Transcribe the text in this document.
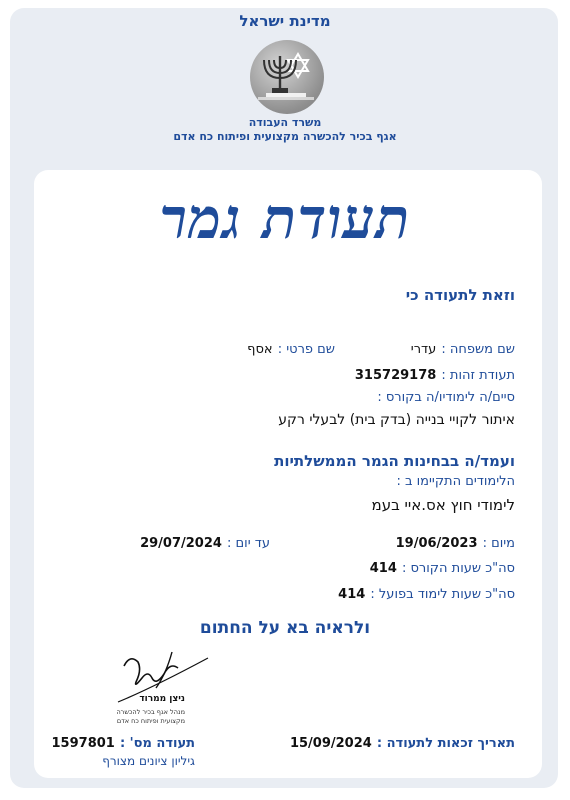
מדינת ישראל
משרד העבודה
אגף בכיר להכשרה מקצועית ופיתוח כח אדם
תעודת גמר
וזאת לתעודה כי
שם משפחה : עדרי
שם פרטי : אסף
תעודת זהות : 315729178
סיים/ה לימודיו/ה בקורס :
איתור לקויי בנייה (בדק בית) לבעלי רקע
ועמד/ה בבחינות הגמר הממשלתיות
הלימודים התקיימו ב :
לימודי חוץ אס.איי בעמ
מיום : 19/06/2023
עד יום : 29/07/2024
סה"כ שעות הקורס : 414
סה"כ שעות לימוד בפועל : 414
ולראיה בא על החתום
ניצן ממרוד
מנהל אגף בכיר להכשרה
מקצועית ופיתוח כח אדם
תאריך זכאות לתעודה : 15/09/2024
תעודה מס' : 1597801
גיליון ציונים מצורף
